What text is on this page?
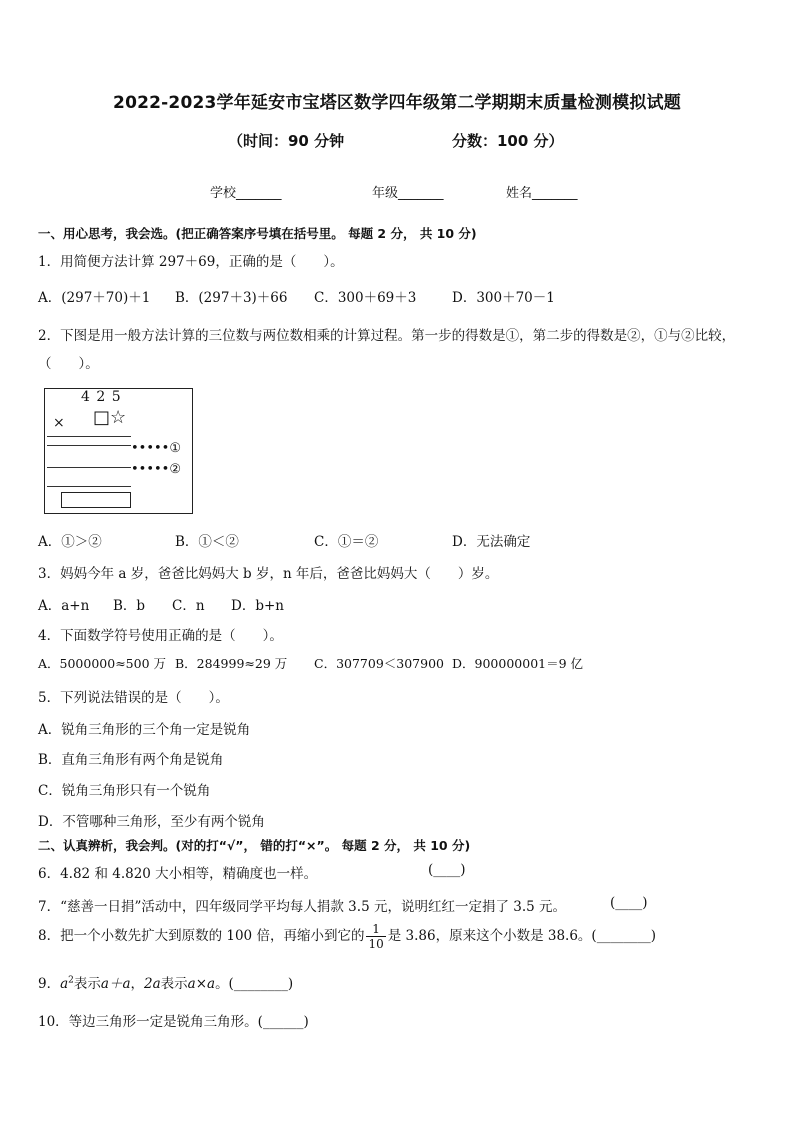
2022-2023学年延安市宝塔区数学四年级第二学期期末质量检测模拟试题
（时间：90 分钟	分数：100 分）
学校_______	年级_______	姓名_______
一、用心思考，我会选。(把正确答案序号填在括号里。 每题 2 分， 共 10 分)
1．用简便方法计算 297＋69，正确的是（　　）。
A．(297＋70)＋1 B．(297＋3)＋66 C．300＋69＋3	D．300＋70－1
2．下图是用一般方法计算的三位数与两位数相乘的计算过程。第一步的得数是①，第二步的得数是②，①与②比较，
（　　）。
4 2 5
× □☆
•••••①
•••••②
A．①＞②	B．①＜②	C．①＝②	D．无法确定
3．妈妈今年 a 岁，爸爸比妈妈大 b 岁，n 年后，爸爸比妈妈大（　　）岁。
A．a+n B．b C．n D．b+n
4．下面数学符号使用正确的是（　　）。
A．5000000≈500 万 B．284999≈29 万 C．307709＜307900 D．900000001＝9 亿
5．下列说法错误的是（　　）。
A．锐角三角形的三个角一定是锐角
B．直角三角形有两个角是锐角
C．锐角三角形只有一个锐角
D．不管哪种三角形，至少有两个锐角
二、认真辨析，我会判。(对的打“√”， 错的打“×”。 每题 2 分， 共 10 分)
6．4.82 和 4.820 大小相等，精确度也一样。	(____)
7．“慈善一日捐”活动中，四年级同学平均每人捐款 3.5 元，说明红红一定捐了 3.5 元。	(____)
8．把一个小数先扩大到原数的 100 倍，再缩小到它的 $\frac{1}{10}$ 是 3.86，原来这个小数是 38.6。(________)
9．$a^2$表示a＋a，2a表示a×a。(________)
10．等边三角形一定是锐角三角形。(______)
